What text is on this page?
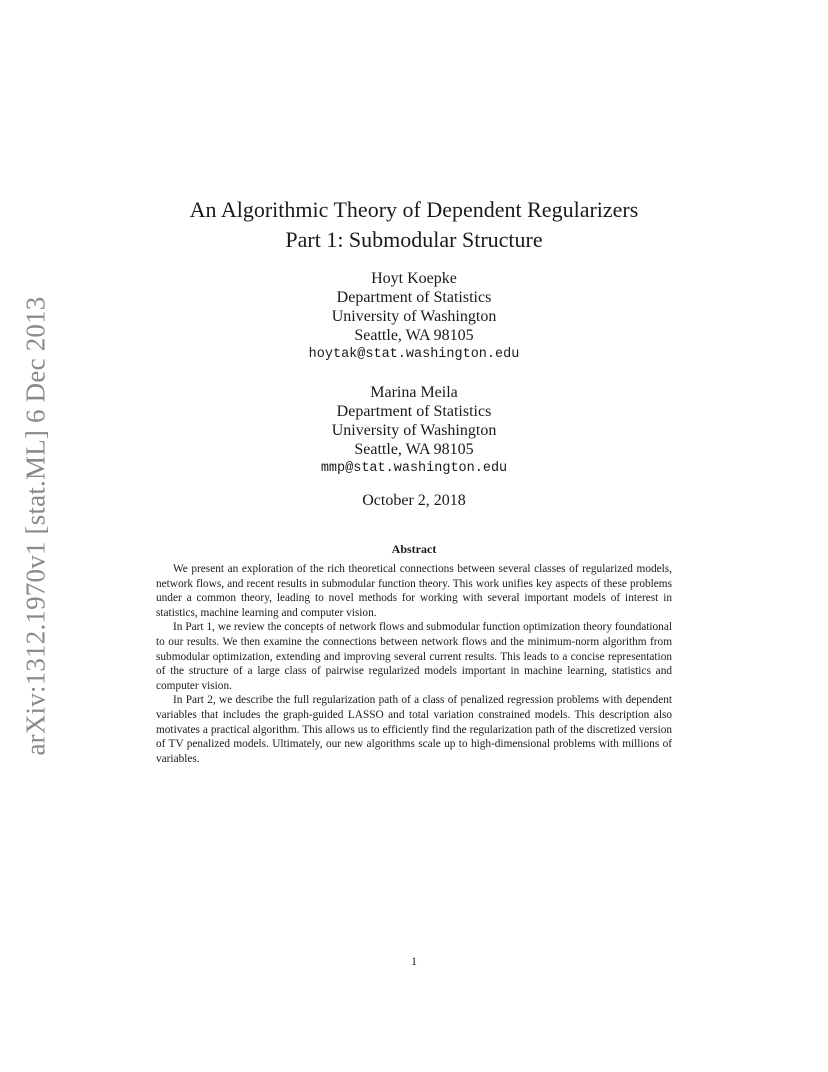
arXiv:1312.1970v1 [stat.ML] 6 Dec 2013
An Algorithmic Theory of Dependent Regularizers
Part 1: Submodular Structure
Hoyt Koepke
Department of Statistics
University of Washington
Seattle, WA 98105
hoytak@stat.washington.edu
Marina Meila
Department of Statistics
University of Washington
Seattle, WA 98105
mmp@stat.washington.edu
October 2, 2018
Abstract

We present an exploration of the rich theoretical connections between several classes of regularized models, network flows, and recent results in submodular function theory. This work unifies key aspects of these problems under a common theory, leading to novel methods for working with several important models of interest in statistics, machine learning and computer vision.

In Part 1, we review the concepts of network flows and submodular function optimization theory foundational to our results. We then examine the connections between network flows and the minimum-norm algorithm from submodular optimization, extending and improving several current results. This leads to a concise representation of the structure of a large class of pairwise regularized models important in machine learning, statistics and computer vision.

In Part 2, we describe the full regularization path of a class of penalized regression problems with dependent variables that includes the graph-guided LASSO and total variation constrained models. This description also motivates a practical algorithm. This allows us to efficiently find the regularization path of the discretized version of TV penalized models. Ultimately, our new algorithms scale up to high-dimensional problems with millions of variables.

1
